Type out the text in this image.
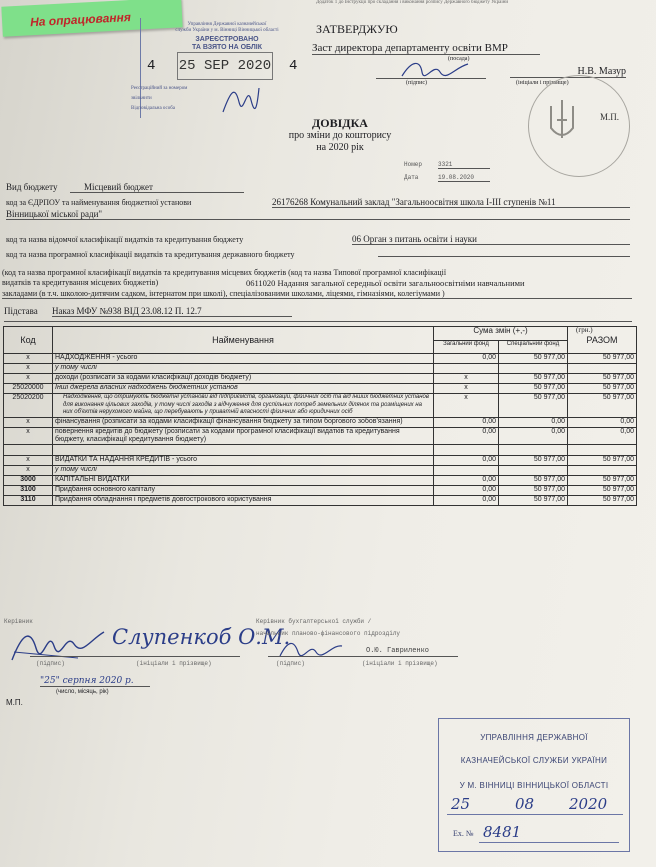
На опрацювання
Додаток 1 до Інструкції про складання і виконання розпису Державного бюджету України
Управління Державної казначейської
служби України у м. Вінниці Вінницької області
ЗАРЕЄСТРОВАНО
ТА ВЗЯТО НА ОБЛІК
4 25 SEP 2020 4
Реєстраційний за номером
звільнити
Відповідальна особа
ЗАТВЕРДЖУЮ
Заст директора департаменту освіти ВМР
(посада)
(підпис)
Н.В. Мазур
(ініціали і прізвище)
М.П.
ДОВІДКА
про зміни до кошторису
на 2020 рік
Номер	3321
Дата	19.08.2020
Вид бюджету	Місцевий бюджет
код за ЄДРПОУ та найменування бюджетної установи	26176268 Комунальний заклад "Загальноосвітня школа І-ІІІ ступенів №11
Вінницької міської ради"
код та назва відомчої класифікації видатків та кредитування бюджету	06 Орган з питань освіти і науки
код та назва програмної класифікації видатків та кредитування державного бюджету
(код та назва програмної класифікації видатків та кредитування місцевих бюджетів (код та назва Типової програмної класифікації
видатків та кредитування місцевих бюджетів)	0611020 Надання загальної середньої освіти загальноосвітніми навчальними
закладами (в т.ч. школою-дитячим садком, інтернатом при школі), спеціалізованими школами, ліцеями, гімназіями, колегіумами )
Підстава Наказ МФУ №938 ВІД 23.08.12 П. 12.7
(грн.)
Код	Найменування	Сума змін (+,-)		РАЗОМ
		Загальний фонд	Спеціальний фонд	
x	НАДХОДЖЕННЯ - усього	0,00	50 977,00	50 977,00
x	у тому числі			
x	доходи (розписати за кодами класифікації доходів бюджету)	x	50 977,00	50 977,00
25020000	Інші джерела власних надходжень бюджетних установ	x	50 977,00	50 977,00
25020200	Надходження, що отримують бюджетні установи від підприємств, організацій, фізичних осіб та від інших бюджетних установ для виконання цільових заходів, у тому числі заходів з відчуження для суспільних потреб земельних ділянок та розміщених на них об'єктів нерухомого майна, що перебувають у приватній власності фізичних або юридичних осіб	x	50 977,00	50 977,00
x	фінансування (розписати за кодами класифікації фінансування бюджету за типом боргового зобов'язання)	0,00	0,00	0,00
x	повернення кредитів до бюджету (розписати за кодами програмної класифікації видатків та кредитування бюджету, класифікації кредитування бюджету)	0,00	0,00	0,00

x	ВИДАТКИ ТА НАДАННЯ КРЕДИТІВ - усього	0,00	50 977,00	50 977,00
x	у тому числі			
3000	КАПІТАЛЬНІ ВИДАТКИ	0,00	50 977,00	50 977,00
3100	Придбання основного капіталу	0,00	50 977,00	50 977,00
3110	Придбання обладнання і предметів довгострокового користування	0,00	50 977,00	50 977,00
Керівник
Слупенкоб О.М.
(підпис)	(ініціали і прізвище)
Керівник бухгалтерської служби /
начальник планово-фінансового підрозділу
О.Ю. Гавриленко
(підпис)	(ініціали і прізвище)
"25" серпня 2020 р.
(число, місяць, рік)
М.П.
УПРАВЛІННЯ ДЕРЖАВНОЇ
КАЗНАЧЕЙСЬКОЇ СЛУЖБИ УКРАЇНИ
У М. ВІННИЦІ ВІННИЦЬКОЇ ОБЛАСТІ
25	08 2020
Ех. № 8481
